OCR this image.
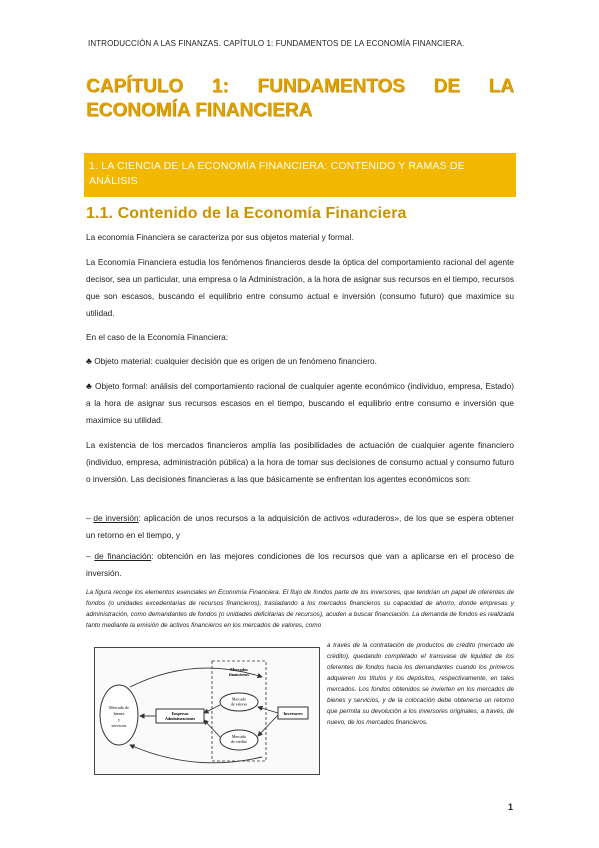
INTRODUCCIÓN A LAS FINANZAS. CAPÍTULO 1: FUNDAMENTOS DE LA ECONOMÍA FINANCIERA.
CAPÍTULO 1: FUNDAMENTOS DE LA
ECONOMÍA FINANCIERA
1. LA CIENCIA DE LA ECONOMÍA FINANCIERA: CONTENIDO Y RAMAS DE ANÁLISIS
1.1. Contenido de la Economía Financiera

La economía Financiera se caracteriza por sus objetos material y formal.

La Economía Financiera estudia los fenómenos financieros desde la óptica del comportamiento racional del agente decisor, sea un particular, una empresa o la Administración, a la hora de asignar sus recursos en el tiempo, recursos que son escasos, buscando el equilibrio entre consumo actual e inversión (consumo futuro) que maximice su utilidad.

En el caso de la Economía Financiera:

♣ Objeto material: cualquier decisión que es origen de un fenómeno financiero.

♣ Objeto formal: análisis del comportamiento racional de cualquier agente económico (individuo, empresa, Estado) a la hora de asignar sus recursos escasos en el tiempo, buscando el equilibrio entre consumo e inversión que maximice su utilidad.

La existencia de los mercados financieros amplía las posibilidades de actuación de cualquier agente financiero (individuo, empresa, administración pública) a la hora de tomar sus decisiones de consumo actual y consumo futuro o inversión. Las decisiones financieras a las que básicamente se enfrentan los agentes económicos son:

– de inversión: aplicación de unos recursos a la adquisición de activos «duraderos», de los que se espera obtener un retorno en el tiempo, y

– de financiación: obtención en las mejores condiciones de los recursos que van a aplicarse en el proceso de inversión.

La figura recoge los elementos esenciales en Economía Financiera. El flujo de fondos parte de los inversores, que tendrían un papel de oferentes de fondos (o unidades excedentarias de recursos financieros), trasladando a los mercados financieros su capacidad de ahorro, donde empresas y administración, como demandantes de fondos (o unidades deficitarias de recursos), acuden a buscar financiación. La demanda de fondos es realizada tanto mediante la emisión de activos financieros en los mercados de valores, como

Mercado de bienes y servicios
Empresas Administraciones
Mercados financieros
Mercado de valores
Mercado de crédito
Inversores

a través de la contratación de productos de crédito (mercado de crédito), quedando completado el transvase de liquidez de los oferentes de fondos hacia los demandantes cuando los primeros adquieren los títulos y los depósitos, respectivamente, en tales mercados. Los fondos obtenidos se invierten en los mercados de bienes y servicios, y de la colocación debe obtenerse un retorno que permita su devolución a los inversores originales, a través, de nuevo, de los mercados financieros.

1
